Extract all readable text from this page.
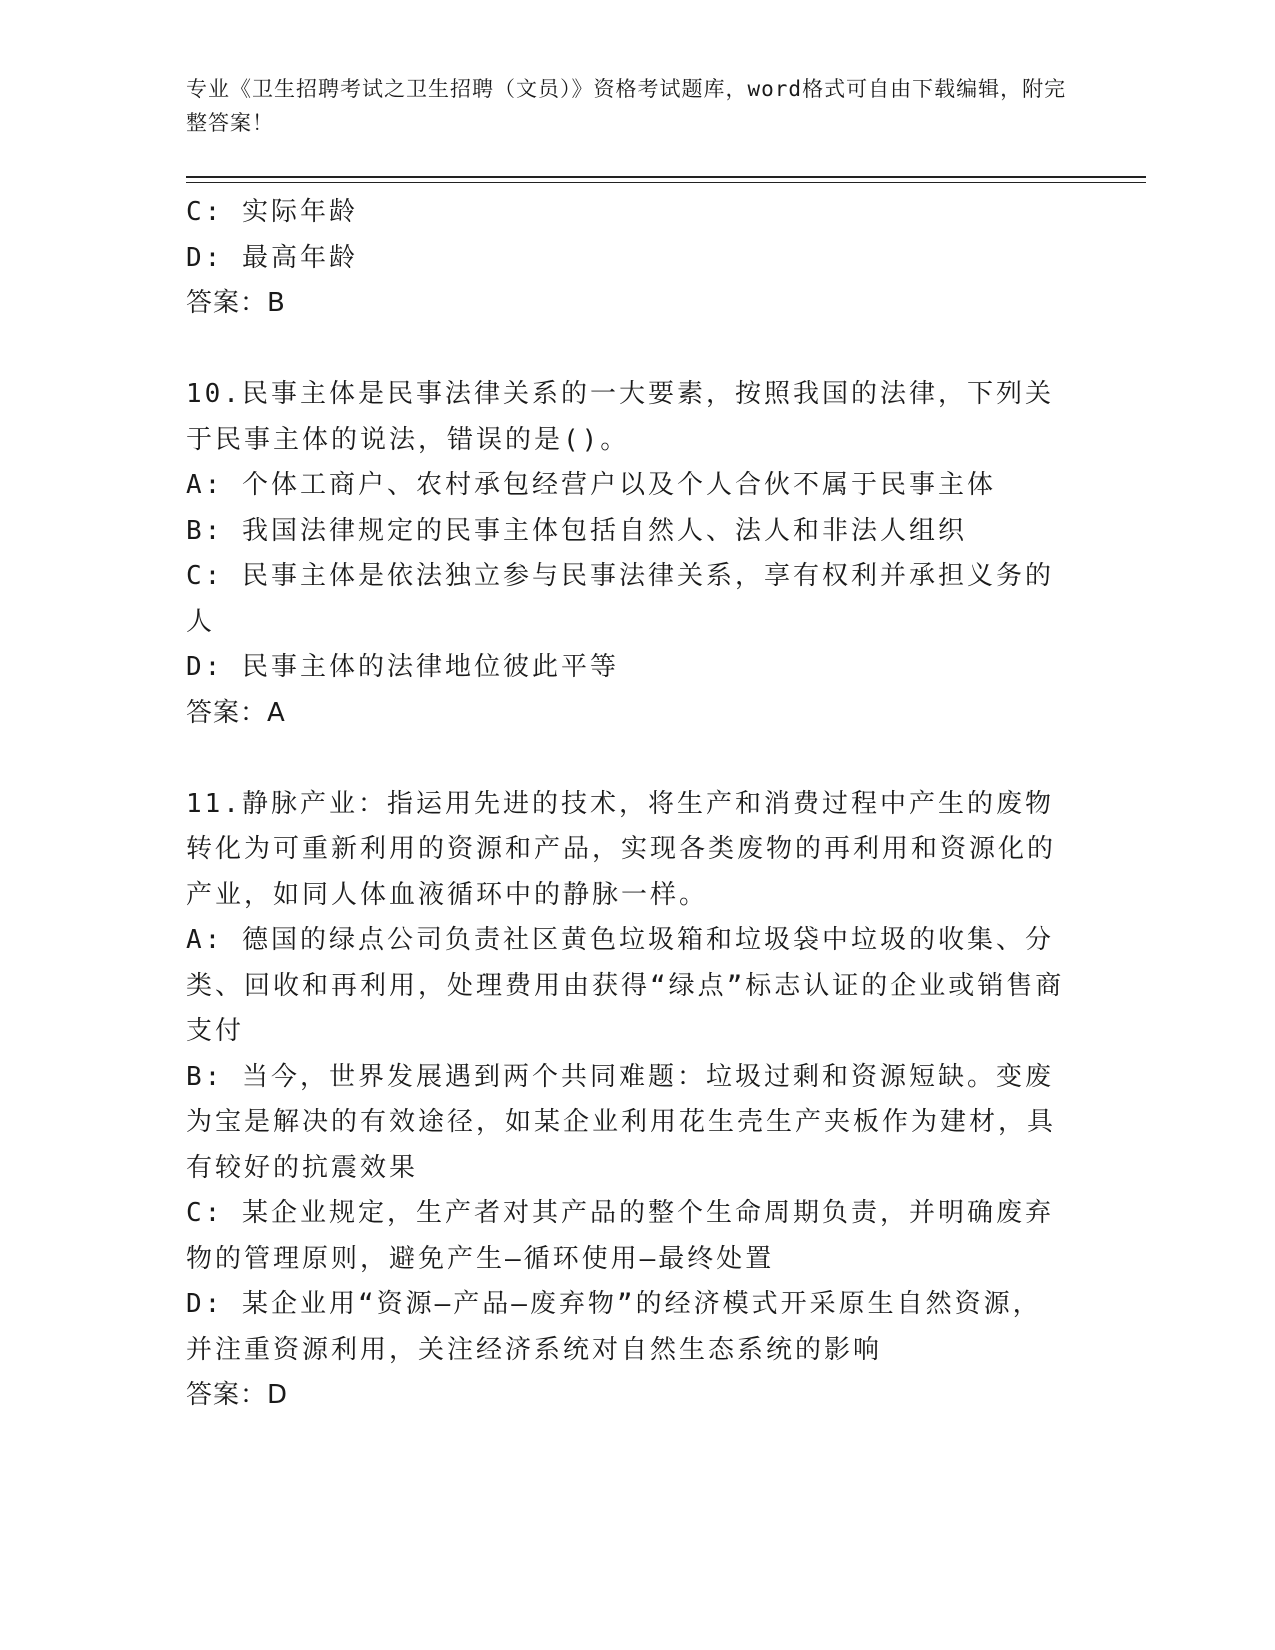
专业《卫生招聘考试之卫生招聘（文员）》资格考试题库，word格式可自由下载编辑，附完整答案！

C: 实际年龄

D: 最高年龄

答案：B

10.民事主体是民事法律关系的一大要素，按照我国的法律，下列关于民事主体的说法，错误的是()。

A: 个体工商户、农村承包经营户以及个人合伙不属于民事主体

B: 我国法律规定的民事主体包括自然人、法人和非法人组织

C: 民事主体是依法独立参与民事法律关系，享有权利并承担义务的人

D: 民事主体的法律地位彼此平等

答案：A

11.静脉产业：指运用先进的技术，将生产和消费过程中产生的废物转化为可重新利用的资源和产品，实现各类废物的再利用和资源化的产业，如同人体血液循环中的静脉一样。

A: 德国的绿点公司负责社区黄色垃圾箱和垃圾袋中垃圾的收集、分类、回收和再利用，处理费用由获得“绿点”标志认证的企业或销售商支付

B: 当今，世界发展遇到两个共同难题：垃圾过剩和资源短缺。变废为宝是解决的有效途径，如某企业利用花生壳生产夹板作为建材，具有较好的抗震效果

C: 某企业规定，生产者对其产品的整个生命周期负责，并明确废弃物的管理原则，避免产生—循环使用—最终处置

D: 某企业用“资源—产品—废弃物”的经济模式开采原生自然资源，并注重资源利用，关注经济系统对自然生态系统的影响

答案：D
